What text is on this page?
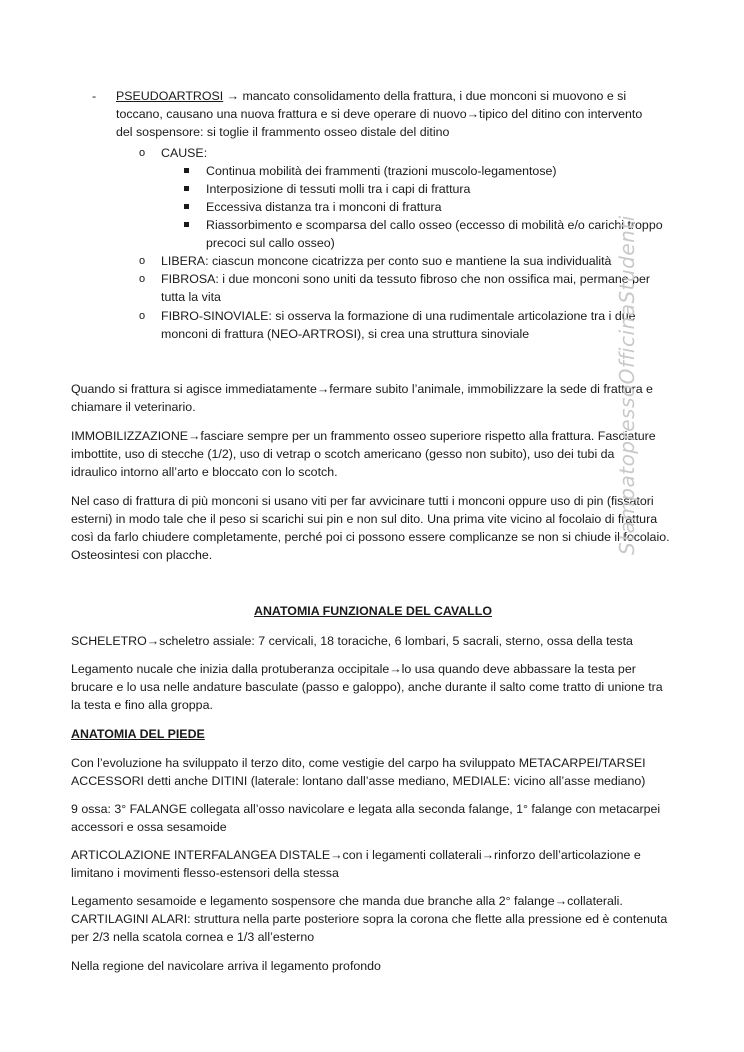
- PSEUDOARTROSI → mancato consolidamento della frattura, i due monconi si muovono e si
toccano, causano una nuova frattura e si deve operare di nuovo→tipico del ditino con intervento
del sospensore: si toglie il frammento osseo distale del ditino
o CAUSE:
Continua mobilità dei frammenti (trazioni muscolo-legamentose)
Interposizione di tessuti molli tra i capi di frattura
Eccessiva distanza tra i monconi di frattura
Riassorbimento e scomparsa del callo osseo (eccesso di mobilità e/o carichi troppo
precoci sul callo osseo)
o LIBERA: ciascun moncone cicatrizza per conto suo e mantiene la sua individualità
o FIBROSA: i due monconi sono uniti da tessuto fibroso che non ossifica mai, permane per
tutta la vita
o FIBRO-SINOVIALE: si osserva la formazione di una rudimentale articolazione tra i due
monconi di frattura (NEO-ARTROSI), si crea una struttura sinoviale
Quando si frattura si agisce immediatamente→fermare subito l’animale, immobilizzare la sede di frattura e
chiamare il veterinario.
IMMOBILIZZAZIONE→fasciare sempre per un frammento osseo superiore rispetto alla frattura. Fasciature
imbottite, uso di stecche (1/2), uso di vetrap o scotch americano (gesso non subito), uso dei tubi da
idraulico intorno all’arto e bloccato con lo scotch.
Nel caso di frattura di più monconi si usano viti per far avvicinare tutti i monconi oppure uso di pin (fissatori
esterni) in modo tale che il peso si scarichi sui pin e non sul dito. Una prima vite vicino al focolaio di frattura
così da farlo chiudere completamente, perché poi ci possono essere complicanze se non si chiude il focolaio.
Osteosintesi con placche.
ANATOMIA FUNZIONALE DEL CAVALLO
SCHELETRO→scheletro assiale: 7 cervicali, 18 toraciche, 6 lombari, 5 sacrali, sterno, ossa della testa
Legamento nucale che inizia dalla protuberanza occipitale→lo usa quando deve abbassare la testa per
brucare e lo usa nelle andature basculate (passo e galoppo), anche durante il salto come tratto di unione tra
la testa e fino alla groppa.
ANATOMIA DEL PIEDE
Con l’evoluzione ha sviluppato il terzo dito, come vestigie del carpo ha sviluppato METACARPEI/TARSEI
ACCESSORI detti anche DITINI (laterale: lontano dall’asse mediano, MEDIALE: vicino all’asse mediano)
9 ossa: 3° FALANGE collegata all’osso navicolare e legata alla seconda falange, 1° falange con metacarpei
accessori e ossa sesamoide
ARTICOLAZIONE INTERFALANGEA DISTALE→con i legamenti collaterali→rinforzo dell’articolazione e
limitano i movimenti flesso-estensori della stessa
Legamento sesamoide e legamento sospensore che manda due branche alla 2° falange→collaterali.
CARTILAGINI ALARI: struttura nella parte posteriore sopra la corona che flette alla pressione ed è contenuta
per 2/3 nella scatola cornea e 1/3 all’esterno
Nella regione del navicolare arriva il legamento profondo
StampatopressoOfficinaStudenti
